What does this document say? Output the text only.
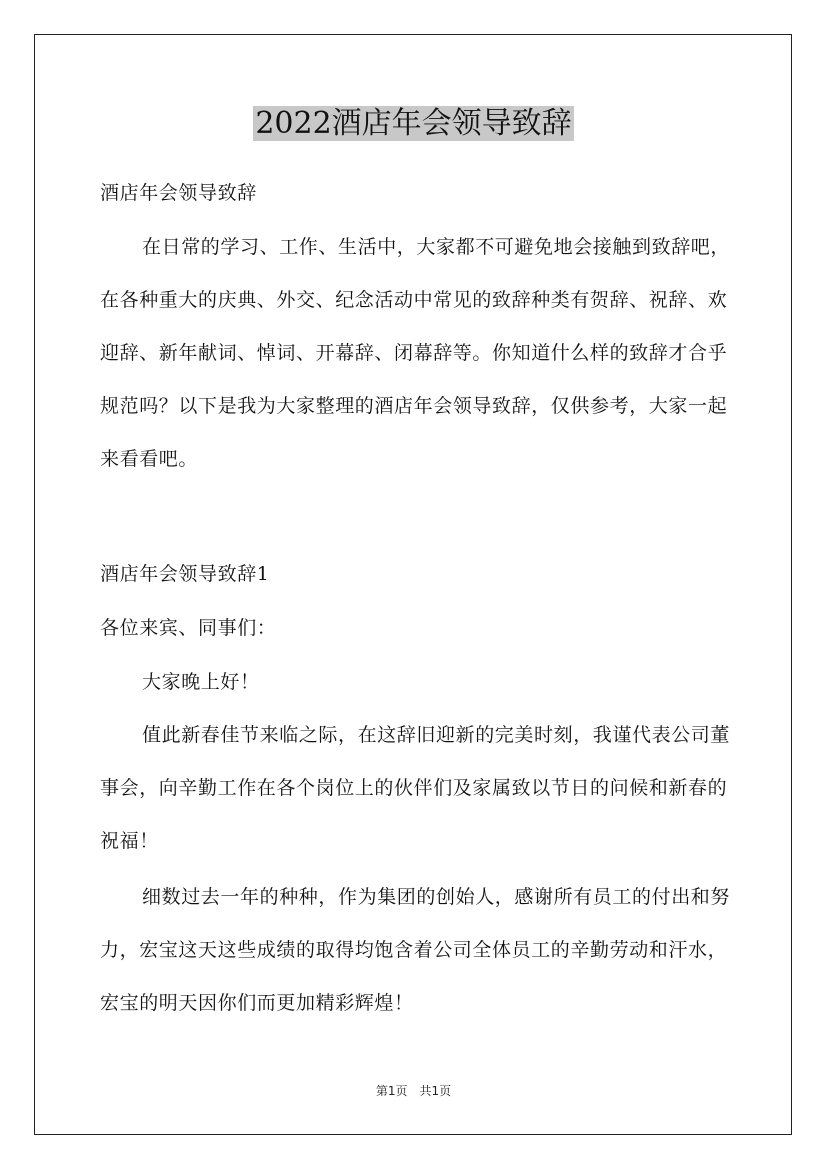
2022酒店年会领导致辞

酒店年会领导致辞

在日常的学习、工作、生活中，大家都不可避免地会接触到致辞吧，在各种重大的庆典、外交、纪念活动中常见的致辞种类有贺辞、祝辞、欢迎辞、新年献词、悼词、开幕辞、闭幕辞等。你知道什么样的致辞才合乎规范吗？以下是我为大家整理的酒店年会领导致辞，仅供参考，大家一起来看看吧。

酒店年会领导致辞1

各位来宾、同事们：

大家晚上好！

值此新春佳节来临之际，在这辞旧迎新的完美时刻，我谨代表公司董事会，向辛勤工作在各个岗位上的伙伴们及家属致以节日的问候和新春的祝福！

细数过去一年的种种，作为集团的创始人，感谢所有员工的付出和努力，宏宝这天这些成绩的取得均饱含着公司全体员工的辛勤劳动和汗水，宏宝的明天因你们而更加精彩辉煌！

第1页　共1页
